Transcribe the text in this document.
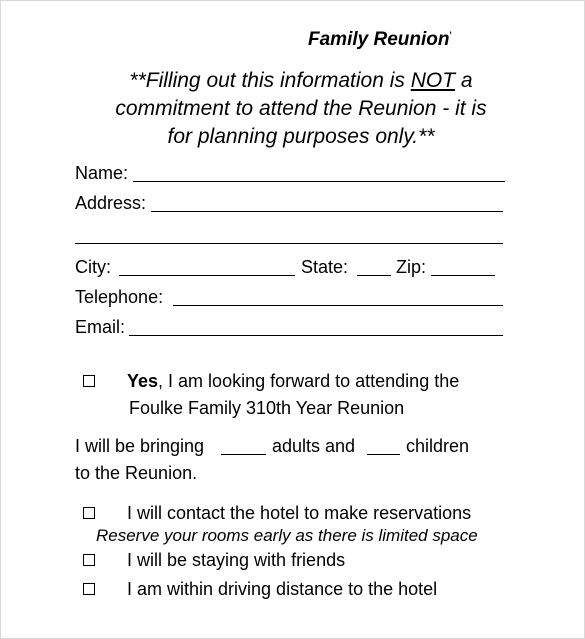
Family Reunion'
**Filling out this information is NOT a
commitment to attend the Reunion - it is
for planning purposes only.**
Name:
Address:
City:	State:	Zip:
Telephone:
Email:
Yes, I am looking forward to attending the
Foulke Family 310th Year Reunion
I will be bringing	adults and	children
to the Reunion.
I will contact the hotel to make reservations
Reserve your rooms early as there is limited space
I will be staying with friends
I am within driving distance to the hotel
